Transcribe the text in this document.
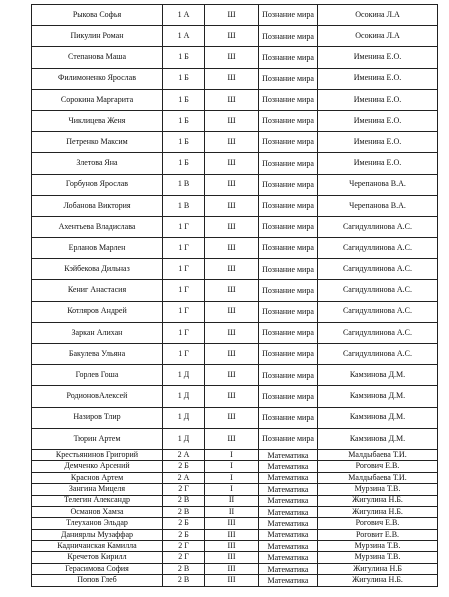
Рыкова Софья	1 А	Ш	Познание мира	Осокина Л.А
Пикулин Роман	1 А	Ш	Познание мира	Осокина Л.А
Степанова Маша	1 Б	Ш	Познание мира	Именина Е.О.
Филимоненко Ярослав	1 Б	Ш	Познание мира	Именина Е.О.
Сорокина Маргарита	1 Б	Ш	Познание мира	Именина Е.О.
Чиклицева Женя	1 Б	Ш	Познание мира	Именина Е.О.
Петренко Максим	1 Б	Ш	Познание мира	Именина Е.О.
Злетова Яна	1 Б	Ш	Познание мира	Именина Е.О.
Горбунов Ярослав	1 В	Ш	Познание мира	Черепанова В.А.
Лобанова Виктория	1 В	Ш	Познание мира	Черепанова В.А.
Ахентьева Владислава	1 Г	Ш	Познание мира	Сагидуллинова А.С.
Ерланов Марлен	1 Г	Ш	Познание мира	Сагидуллинова А.С.
Кэйбекова Дильназ	1 Г	Ш	Познание мира	Сагидуллинова А.С.
Кениг Анастасия	1 Г	Ш	Познание мира	Сагидуллинова А.С.
Котляров Андрей	1 Г	Ш	Познание мира	Сагидуллинова А.С.
Заркан Алихан	1 Г	Ш	Познание мира	Сагидуллинова А.С.
Бакулева Ульяна	1 Г	Ш	Познание мира	Сагидуллинова А.С.
Горлев Гоша	1 Д	Ш	Познание мира	Камзинова Д.М.
РодионовАлексей	1 Д	Ш	Познание мира	Камзинова Д.М.
Назиров Тлир	1 Д	Ш	Познание мира	Камзинова Д.М.
Тюрин Артем	1 Д	Ш	Познание мира	Камзинова Д.М.
Крестьянинов Григорий	2 А	I	Математика	Малдыбаева Т.И.
Демченко Арсений	2 Б	I	Математика	Рогович Е.В.
Краснов Артем	2 А	I	Математика	Малдыбаева Т.И.
Зангина Мицеля	2 Г	I	Математика	Мурзина Т.В.
Телегин Александр	2 В	II	Математика	Жигулина Н.Б.
Османов Хамза	2 В	II	Математика	Жигулина Н.Б.
Тлеуханов Эльдар	2 Б	III	Математика	Рогович Е.В.
Даниярлы Музаффар	2 Б	III	Математика	Роговит Е.В.
Кадничанская Камилла	2 Г	III	Математика	Мурзина Т.В.
Кречетов Кирилл	2 Г	III	Математика	Мурзина Т.В.
Герасимова София	2 В	III	Математика	Жигулина Н.Б
Попов Глеб	2 В	III	Математика	Жигулина Н.Б.
